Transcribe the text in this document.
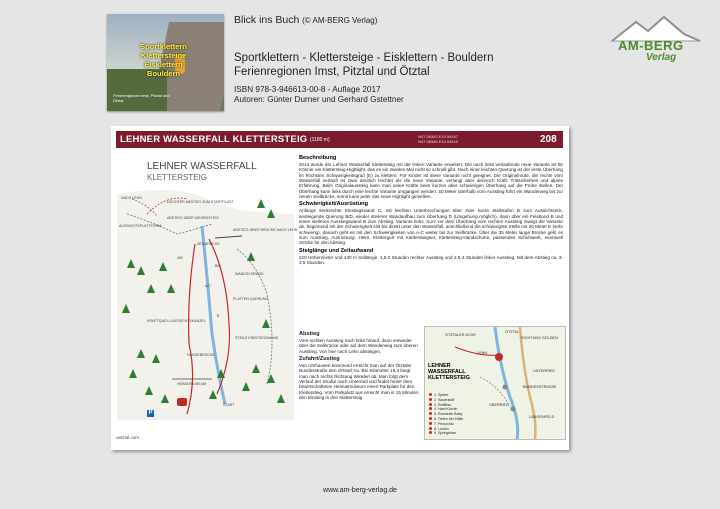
Sportklettern
Klettersteige
Eisklettern
Bouldern
Ferienregionen Imst, Pitztal und Ötztal
Blick ins Buch (© AM-BERG Verlag)
Sportklettern - Klettersteige - Eisklettern - Bouldern
Ferienregionen Imst, Pitztal und Ötztal
ISBN 978-3-946613-00-8 - Auflage 2017
Autoren: Günter Durner und Gerhard Gstettner
AM-BERG
Verlag
LEHNER WASSERFALL KLETTERSTEIG (1180 m)
N47.08342 E10.94547
N47.08346 E10.94610	208
LEHNER WASSERFALL
KLETTERSTEIG
NACH LEHN
LEICHTER ABSTIEG ZUM STARTPLATZ
AUSSICHTSPLATTFORM
ABSTIEG ÜBER WEGENSTEIG
SEILBRÜCKE
ABSTIEG ÜBER BRÜCKE NACH LEHN
WANDSCHRÄGE
PLATTEN QUERUNG
KRAFTQUELL AUSSICHTSKANZEL
STEILE EINSTIEGSWAND
HÄNGEBRÜCKE
HEIMATMUSEUM
START
A/B
B/C
A/C
B
P
oetztal.com
Beschreibung

2014 wurde der Lehner Wasserfall Klettersteig mit der linken Variante erweitert. Die nach links verlaufende neue Variante ist für Könner ein Klettersteig-Highlight, das es ein zweites Mal nicht so schnell gibt. Nach einer leichten Querung ist der erste Überhang im höchsten Schwierigkeitsgrad (E) zu klettern. Für Kinder ist diese Variante nicht geeignet. Die Originalroute, die rechts vom Wasserfall verläuft ist zwar deutlich leichter als die neue Variante, verlangt aber dennoch Kraft, Trittsicherheit und alpine Erfahrung. Beim Originalaussteig kann man seine Kräfte beim kurzen aber schwierigen Überhang auf die Probe stellen. Der Überhang kann links durch eine leichte Variante umgangen werden. 50 Meter oberhalb vom Ausstieg führt ein Wanderweg bis zur neuen Seilbrücke, somit kann jeder das neue Highlight genießen.

Schwierigkeit/Ausrüstung

Anfangs senkrechte Einstiegswand C, mit leichten Unterbrechungen über zwei kurze Steilstufen B zum Aussichtseck, ansteigende Querung B/D, wieder steilerer Wandaufbau zum Überhang D (Umgehung möglich), dann über ein Felsband B und einen steileren Ausstiegswand B zum Abstieg. Variante links: Kurz vor dem Überhang vom rechten Ausstieg zweigt die Variante ab, beginnend mit der Schwierigkeit A/B bis direkt unter den Wasserfall, anschließend die schwierigste Stelle mit 20 Meter E (sehr schwierig), danach geht es mit den Schwierigkeiten von A-C weiter bis zur Seilbrücke. Über die 35 Meter lange Brücke geht es zum Ausstieg. Ausrüstung: Helm, Klettergurt mit Klettersteigset, Klettersteig-Handschuhe, passendes Schuhwerk, eventuell Stöcke für den Abstieg.

Steiglänge und Zeitaufwand

220 Höhenmeter und 430 m Seillänge. 1,5-2 Stunden rechter Ausstieg und 2,5-3 Stunden linker Ausstieg. Mit dem Abstieg ca. 3-3,5 Stunden.

Abstieg

Vom rechten Ausstieg nach links hinauf, dann entweder über die Seilbrücke oder auf dem Wanderweg zum oberen Ausstieg. Von hier nach Lehn absteigen.

Zufahrt/Zustieg

Von Umhausen kommend erreicht man auf der Ötztaler Bundesstraße den Ortsteil Au. Bei Kilometer 19,4 biegt man nach rechts Richtung Winklen ab. Man folgt dem Verlauf der Straße nach Unterried und findet hinter dem bewirtschafteten Heimatmuseum einen Parkplatz für den Klettersteig. Vom Parkplatz aus erreicht man in 15 Minuten den Einstieg in den Klettersteig.

ÖTZTAL
RICHTUNG SÖLDEN
ÖTZTALER ACHE
LEHN
UNTERRIED
OBERRIED
LÄNGENFELD
BUNDESSTRASSE
LEHNER
WASSERFALL
KLETTERSTEIG
1. Spider
2. Sauerstoff
3. Rotflüss
4. Hani Köchin
5. Romantic Baby
6. Tiefen der Hölle
7. Pinocchio
8. Lovelu
9. Springdose
www.am-berg-verlag.de
